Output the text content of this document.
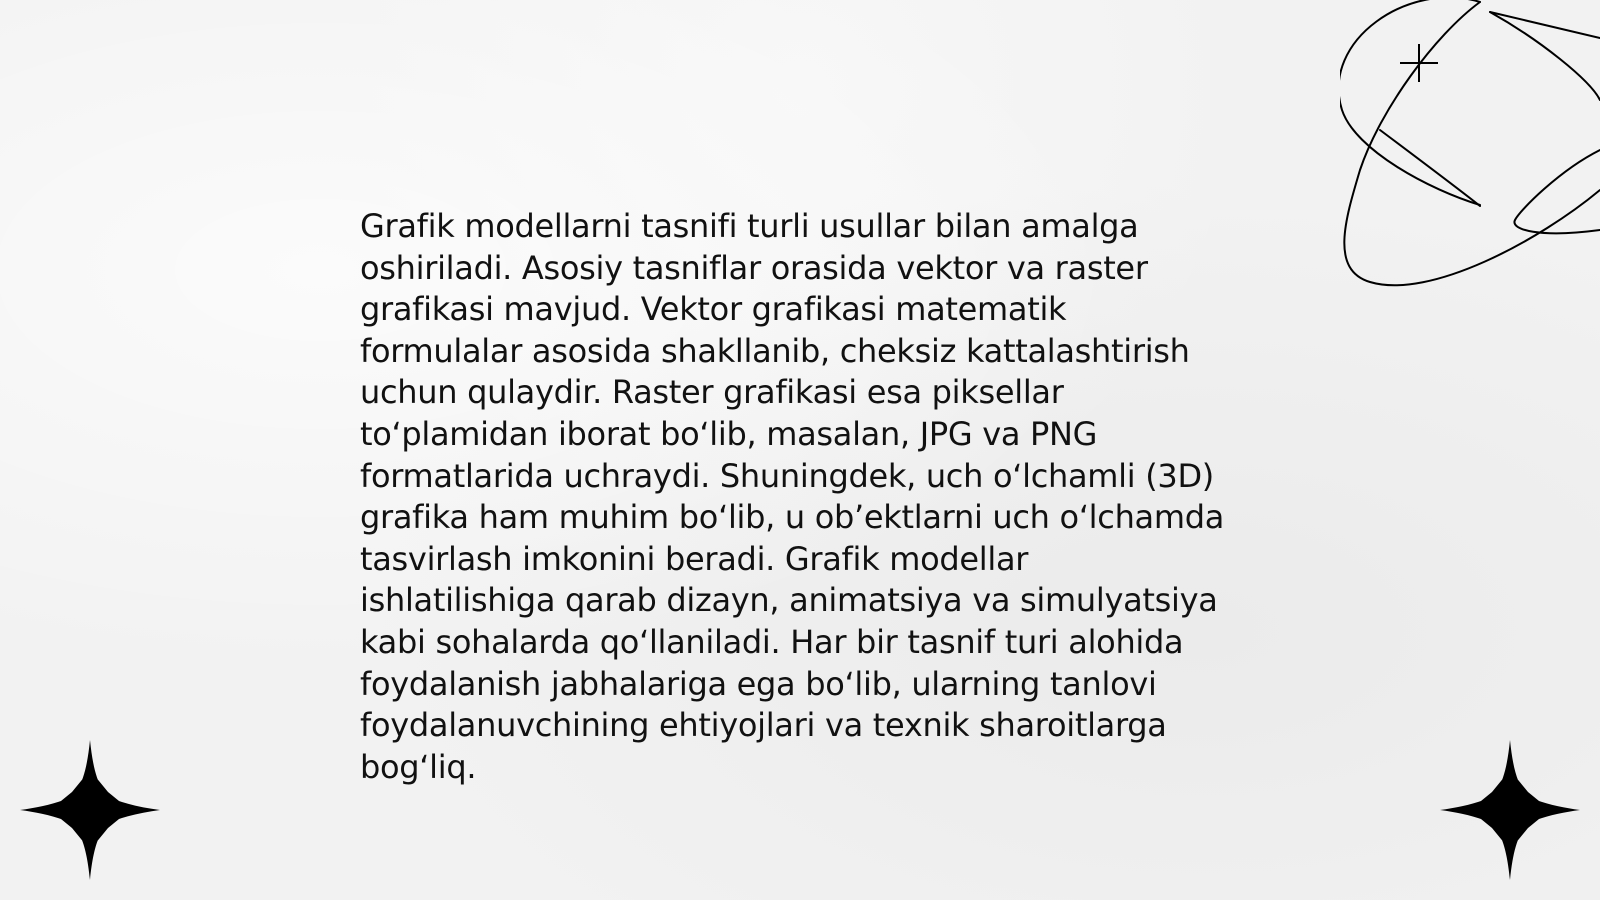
Grafik modellarni tasnifi turli usullar bilan amalga
oshiriladi. Asosiy tasniflar orasida vektor va raster
grafikasi mavjud. Vektor grafikasi matematik
formulalar asosida shakllanib, cheksiz kattalashtirish
uchun qulaydir. Raster grafikasi esa piksellar
to‘plamidan iborat bo‘lib, masalan, JPG va PNG
formatlarida uchraydi. Shuningdek, uch o‘lchamli (3D)
grafika ham muhim bo‘lib, u ob’ektlarni uch o‘lchamda
tasvirlash imkonini beradi. Grafik modellar
ishlatilishiga qarab dizayn, animatsiya va simulyatsiya
kabi sohalarda qo‘llaniladi. Har bir tasnif turi alohida
foydalanish jabhalariga ega bo‘lib, ularning tanlovi
foydalanuvchining ehtiyojlari va texnik sharoitlarga
bog‘liq.
